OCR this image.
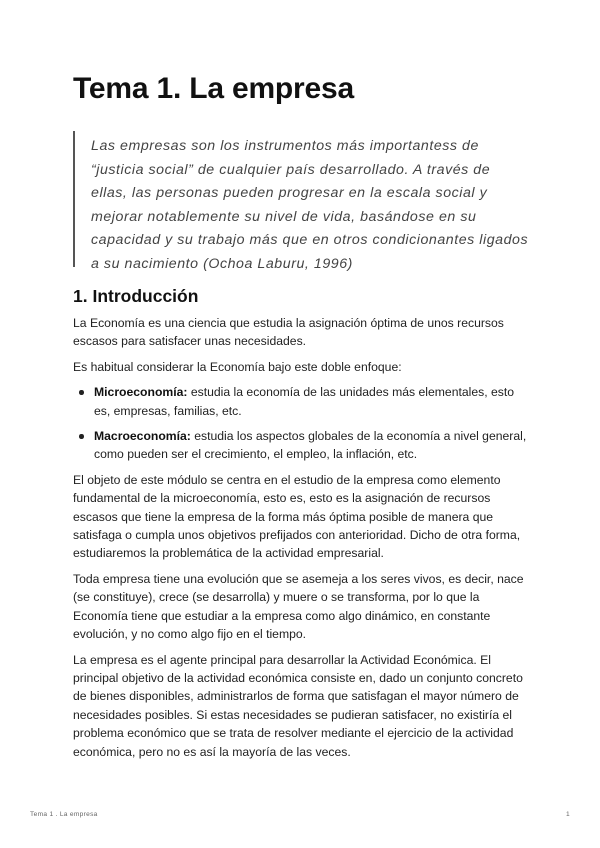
Tema 1. La empresa

Las empresas son los instrumentos más importantess de “justicia social” de cualquier país desarrollado. A través de ellas, las personas pueden progresar en la escala social y mejorar notablemente su nivel de vida, basándose en su capacidad y su trabajo más que en otros condicionantes ligados a su nacimiento (Ochoa Laburu, 1996)

1. Introducción

La Economía es una ciencia que estudia la asignación óptima de unos recursos escasos para satisfacer unas necesidades.

Es habitual considerar la Economía bajo este doble enfoque:

Microeconomía: estudia la economía de las unidades más elementales, esto es, empresas, familias, etc.
Macroeconomía: estudia los aspectos globales de la economía a nivel general, como pueden ser el crecimiento, el empleo, la inflación, etc.

El objeto de este módulo se centra en el estudio de la empresa como elemento fundamental de la microeconomía, esto es, esto es la asignación de recursos escasos que tiene la empresa de la forma más óptima posible de manera que satisfaga o cumpla unos objetivos prefijados con anterioridad. Dicho de otra forma, estudiaremos la problemática de la actividad empresarial.

Toda empresa tiene una evolución que se asemeja a los seres vivos, es decir, nace (se constituye), crece (se desarrolla) y muere o se transforma, por lo que la Economía tiene que estudiar a la empresa como algo dinámico, en constante evolución, y no como algo fijo en el tiempo.

La empresa es el agente principal para desarrollar la Actividad Económica. El principal objetivo de la actividad económica consiste en, dado un conjunto concreto de bienes disponibles, administrarlos de forma que satisfagan el mayor número de necesidades posibles. Si estas necesidades se pudieran satisfacer, no existiría el problema económico que se trata de resolver mediante el ejercicio de la actividad económica, pero no es así la mayoría de las veces.

Tema 1 . La empresa	1
